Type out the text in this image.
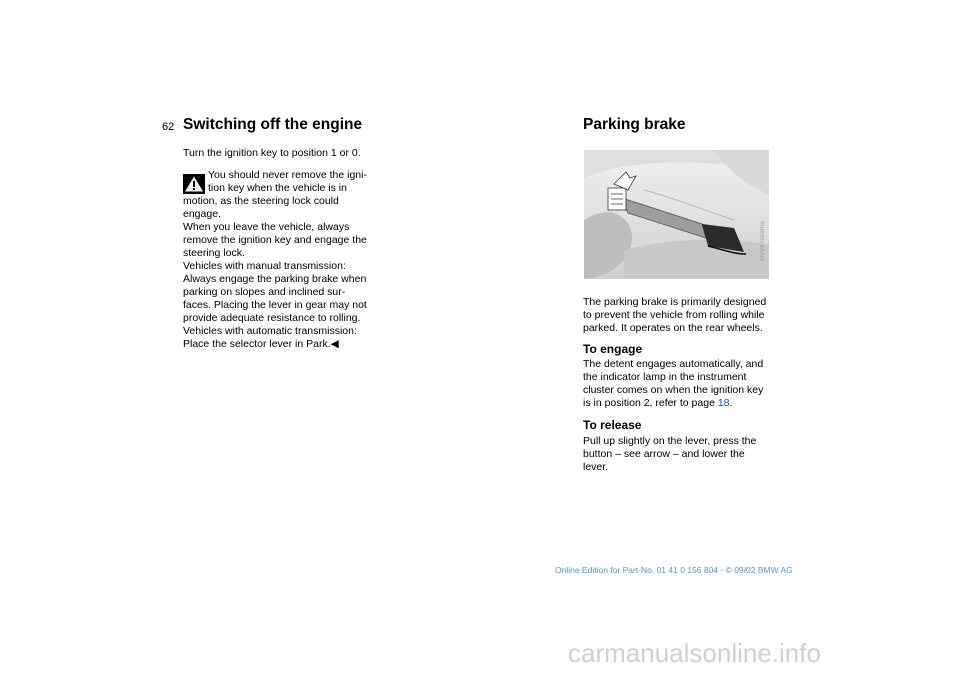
62 Switching off the engine

Turn the ignition key to position 1 or 0.

You should never remove the igni-
tion key when the vehicle is in

motion, as the steering lock could
engage.
When you leave the vehicle, always
remove the ignition key and engage the
steering lock.
Vehicles with manual transmission:
Always engage the parking brake when
parking on slopes and inclined sur-
faces. Placing the lever in gear may not
provide adequate resistance to rolling.
Vehicles with automatic transmission:
Place the selector lever in Park.

◀
Parking brake
MV0470cdma
The parking brake is primarily designed
to prevent the vehicle from rolling while
parked. It operates on the rear wheels.
To engage
The detent engages automatically, and
the indicator lamp in the instrument
cluster comes on when the ignition key
is in position 2, refer to page 18.
To release
Pull up slightly on the lever, press the
button – see arrow – and lower the
lever.
Online Edition for Part-No. 01 41 0 156 804 - © 09/02 BMW AG
carmanualsonline.info
